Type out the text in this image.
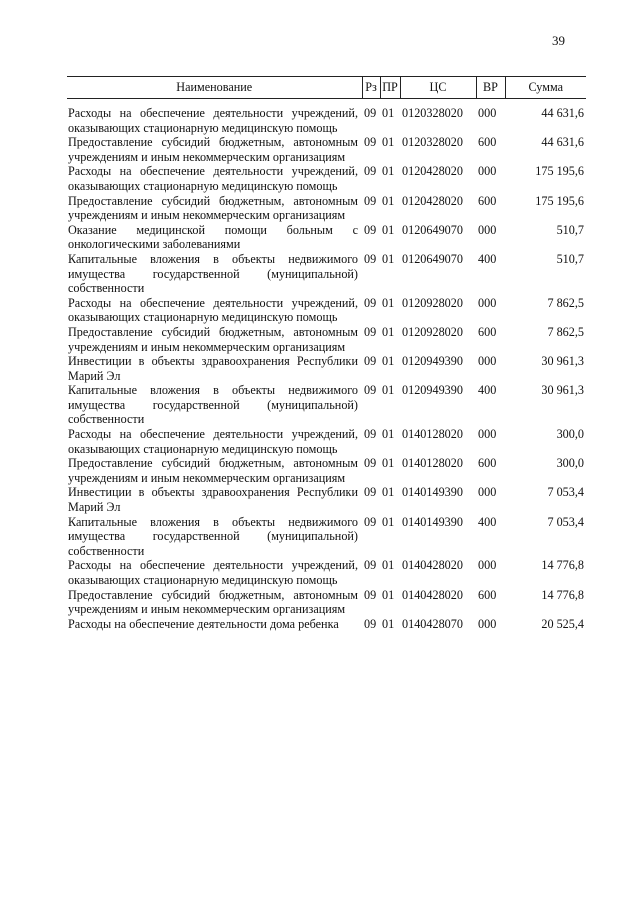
39
Наименование	Рз	ПР	ЦС	ВР	Сумма
Расходы на обеспечение деятельности учреждений, оказывающих стационарную медицинскую помощь	09	01	0120328020	000	44 631,6
Предоставление субсидий бюджетным, автономным учреждениям и иным некоммерческим организациям	09	01	0120328020	600	44 631,6
Расходы на обеспечение деятельности учреждений, оказывающих стационарную медицинскую помощь	09	01	0120428020	000	175 195,6
Предоставление субсидий бюджетным, автономным учреждениям и иным некоммерческим организациям	09	01	0120428020	600	175 195,6
Оказание медицинской помощи больным с онкологическими заболеваниями	09	01	0120649070	000	510,7
Капитальные вложения в объекты недвижимого имущества государственной (муниципальной) собственности	09	01	0120649070	400	510,7
Расходы на обеспечение деятельности учреждений, оказывающих стационарную медицинскую помощь	09	01	0120928020	000	7 862,5
Предоставление субсидий бюджетным, автономным учреждениям и иным некоммерческим организациям	09	01	0120928020	600	7 862,5
Инвестиции в объекты здравоохранения Республики Марий Эл	09	01	0120949390	000	30 961,3
Капитальные вложения в объекты недвижимого имущества государственной (муниципальной) собственности	09	01	0120949390	400	30 961,3
Расходы на обеспечение деятельности учреждений, оказывающих стационарную медицинскую помощь	09	01	0140128020	000	300,0
Предоставление субсидий бюджетным, автономным учреждениям и иным некоммерческим организациям	09	01	0140128020	600	300,0
Инвестиции в объекты здравоохранения Республики Марий Эл	09	01	0140149390	000	7 053,4
Капитальные вложения в объекты недвижимого имущества государственной (муниципальной) собственности	09	01	0140149390	400	7 053,4
Расходы на обеспечение деятельности учреждений, оказывающих стационарную медицинскую помощь	09	01	0140428020	000	14 776,8
Предоставление субсидий бюджетным, автономным учреждениям и иным некоммерческим организациям	09	01	0140428020	600	14 776,8
Расходы на обеспечение деятельности дома ребенка	09	01	0140428070	000	20 525,4
